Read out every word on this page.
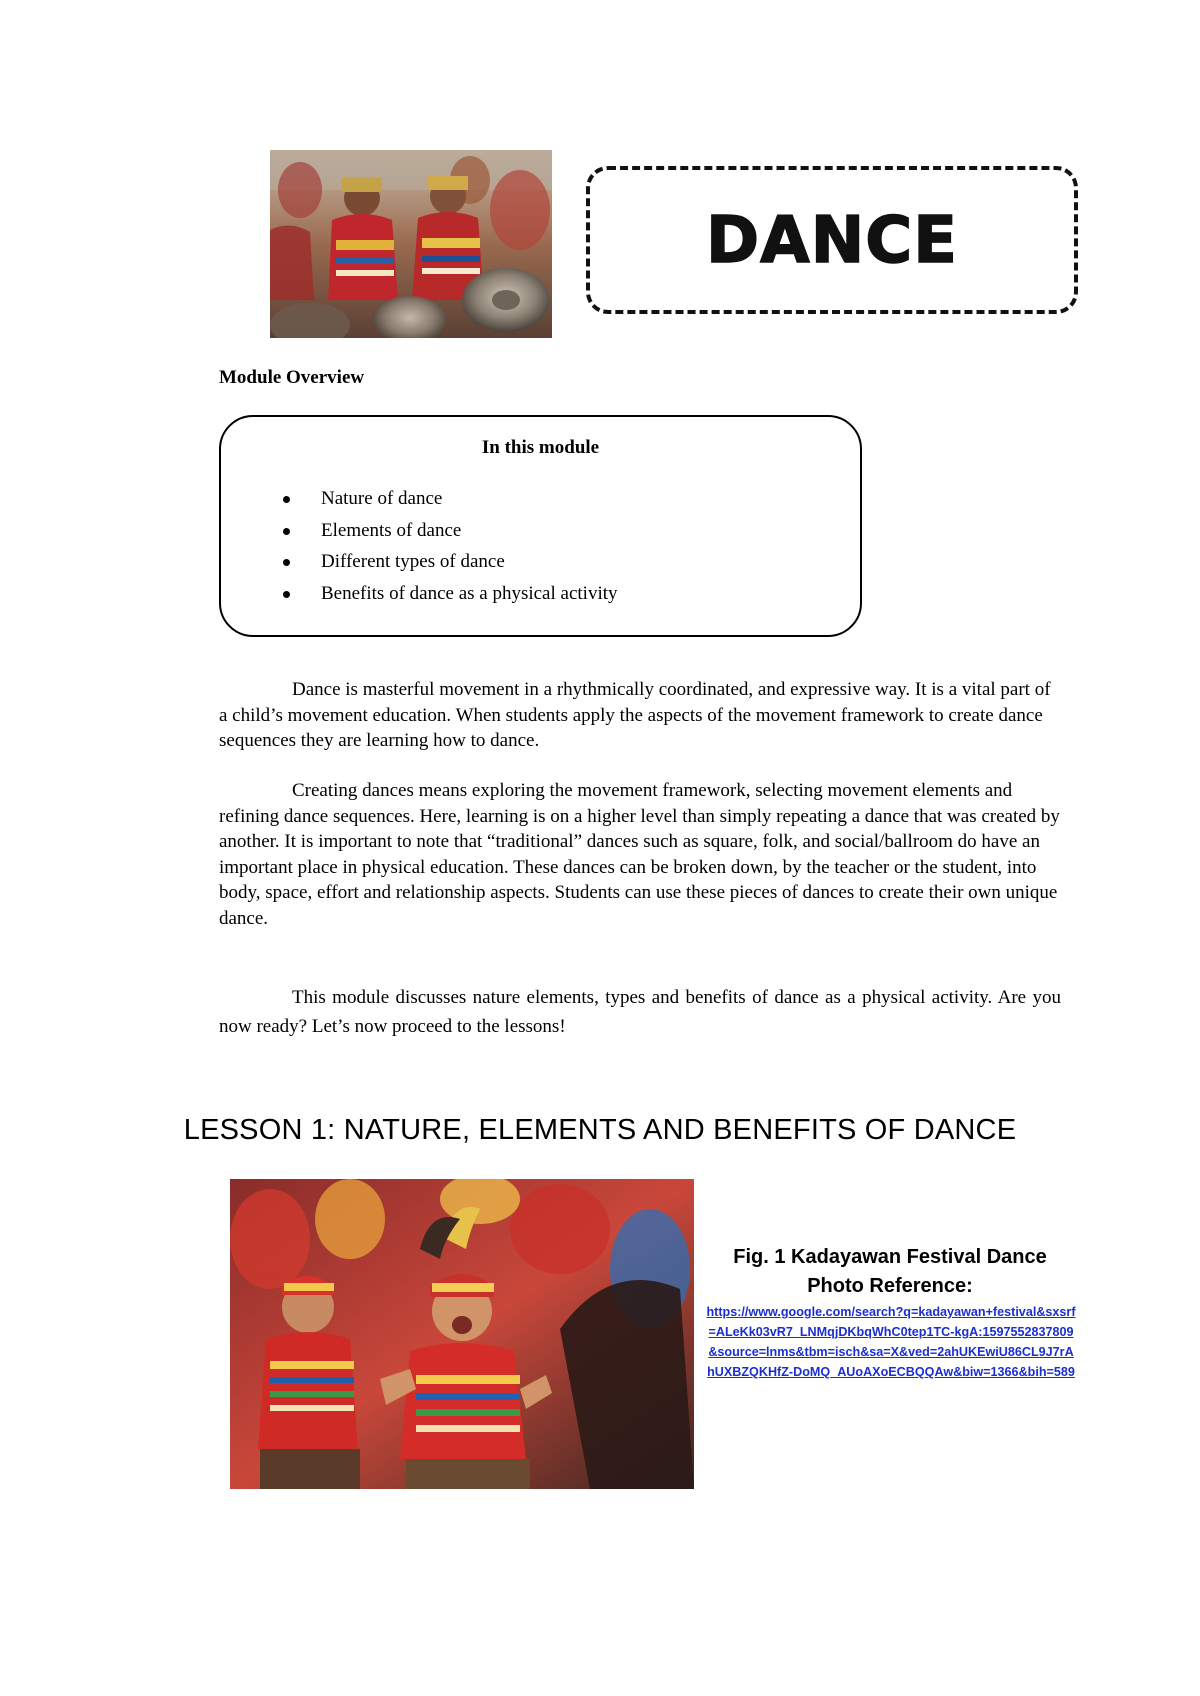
DANCE
Module Overview
In this module
Nature of dance
Elements of dance
Different types of dance
Benefits of dance as a physical activity

Dance is masterful movement in a rhythmically coordinated, and expressive way. It is a vital part of a child’s movement education. When students apply the aspects of the movement framework to create dance sequences they are learning how to dance.

Creating dances means exploring the movement framework, selecting movement elements and refining dance sequences. Here, learning is on a higher level than simply repeating a dance that was created by another. It is important to note that “traditional” dances such as square, folk, and social/ballroom do have an important place in physical education. These dances can be broken down, by the teacher or the student, into body, space, effort and relationship aspects. Students can use these pieces of dances to create their own unique dance.

This module discusses nature elements, types and benefits of dance as a physical activity. Are you now ready? Let’s now proceed to the lessons!

LESSON 1: NATURE, ELEMENTS AND BENEFITS OF DANCE
Fig. 1 Kadayawan Festival Dance
Photo Reference:
https://www.google.com/search?q=kadayawan+festival&sxsrf=ALeKk03vR7_LNMqjDKbqWhC0tep1TC-kgA:1597552837809&source=lnms&tbm=isch&sa=X&ved=2ahUKEwiU86CL9J7rAhUXBZQKHfZ-DoMQ_AUoAXoECBQQAw&biw=1366&bih=589
